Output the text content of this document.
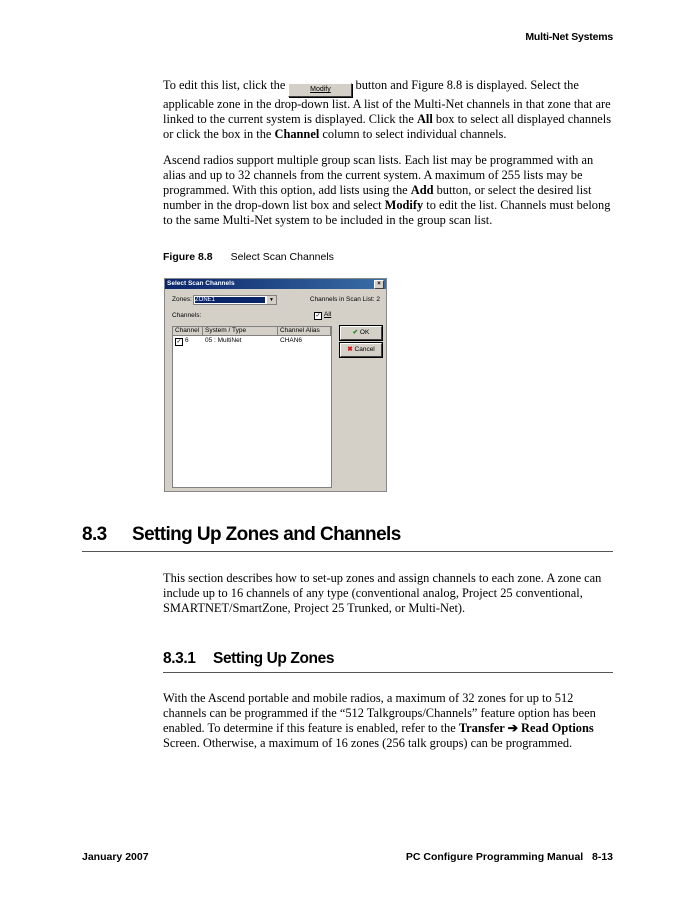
Multi-Net Systems
To edit this list, click the	Modify button and Figure 8.8 is displayed. Select the applicable zone in the drop-down list. A list of the Multi-Net channels in that zone that are linked to the current system is displayed. Click the All box to select all displayed channels or click the box in the Channel column to select individual channels.
Ascend radios support multiple group scan lists. Each list may be programmed with an alias and up to 32 channels from the current system. A maximum of 255 lists may be programmed. With this option, add lists using the Add button, or select the desired list number in the drop-down list box and select Modify to edit the list. Channels must belong to the same Multi-Net system to be included in the group scan list.
Figure 8.8 Select Scan Channels
Select Scan Channels	×
Zones: ZONE1	▼	Channels in Scan List: 2
Channels:	✓ All
Channel System / Type	Channel Alias
✓ 6	05 : MultiNet	CHAN6
✔ OK
✖ Cancel
8.3 Setting Up Zones and Channels
This section describes how to set-up zones and assign channels to each zone. A zone can include up to 16 channels of any type (conventional analog, Project 25 conventional, SMARTNET/SmartZone, Project 25 Trunked, or Multi-Net).
8.3.1 Setting Up Zones
With the Ascend portable and mobile radios, a maximum of 32 zones for up to 512 channels can be programmed if the “512 Talkgroups/Channels” feature option has been enabled. To determine if this feature is enabled, refer to the Transfer ➔ Read Options Screen. Otherwise, a maximum of 16 zones (256 talk groups) can be programmed.
January 2007	PC Configure Programming Manual 8-13
